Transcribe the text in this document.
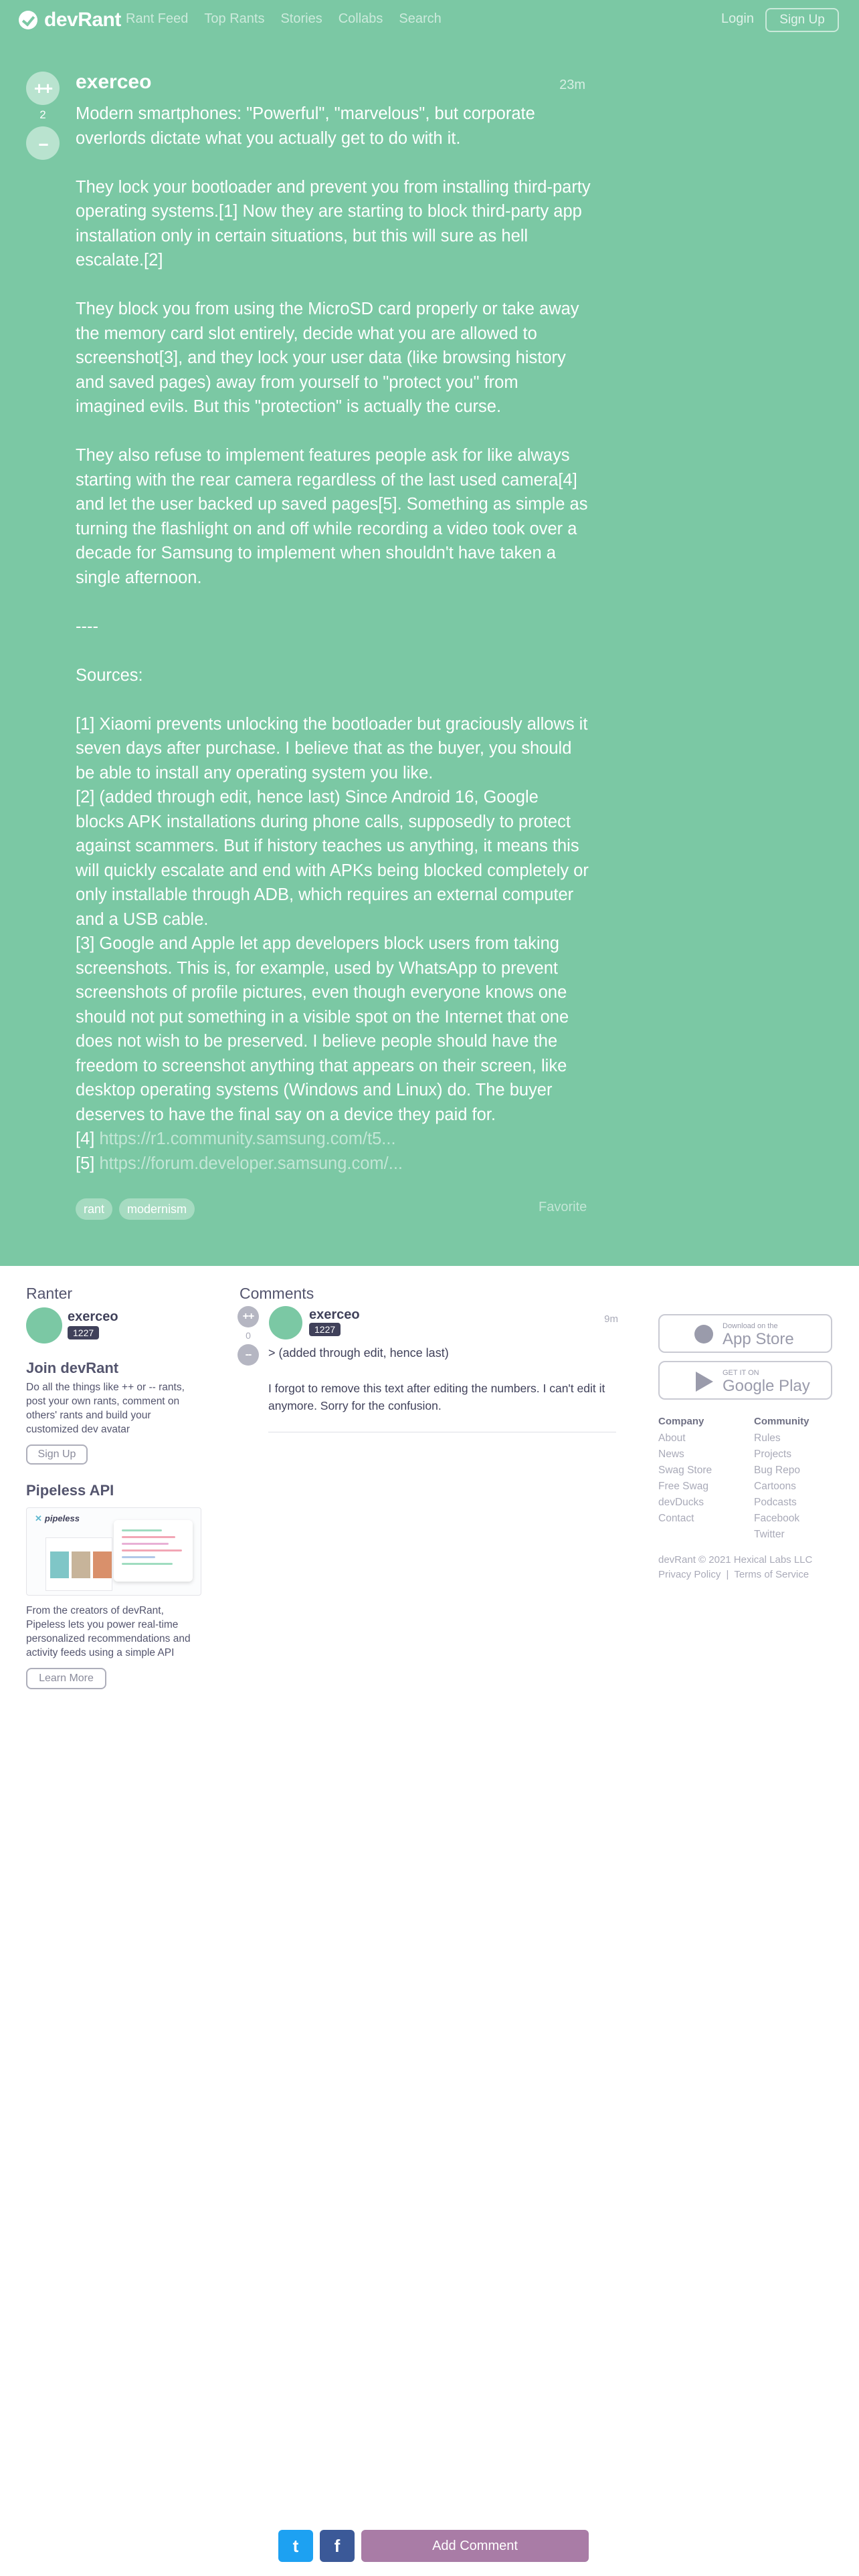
devRant Rant Feed Top Rants Stories Collabs Search	Login	Sign Up
++
2
--
exerceo	23m

Modern smartphones: "Powerful", "marvelous", but corporate overlords dictate what you actually get to do with it.

They lock your bootloader and prevent you from installing third-party operating systems.[1] Now they are starting to block third-party app installation only in certain situations, but this will sure as hell escalate.[2]

They block you from using the MicroSD card properly or take away the memory card slot entirely, decide what you are allowed to screenshot[3], and they lock your user data (like browsing history and saved pages) away from yourself to "protect you" from imagined evils. But this "protection" is actually the curse.

They also refuse to implement features people ask for like always starting with the rear camera regardless of the last used camera[4] and let the user backed up saved pages[5]. Something as simple as turning the flashlight on and off while recording a video took over a decade for Samsung to implement when shouldn't have taken a single afternoon.

----

Sources:

[1] Xiaomi prevents unlocking the bootloader but graciously allows it seven days after purchase. I believe that as the buyer, you should be able to install any operating system you like.

[2] (added through edit, hence last) Since Android 16, Google blocks APK installations during phone calls, supposedly to protect against scammers. But if history teaches us anything, it means this will quickly escalate and end with APKs being blocked completely or only installable through ADB, which requires an external computer and a USB cable.

[3] Google and Apple let app developers block users from taking screenshots. This is, for example, used by WhatsApp to prevent screenshots of profile pictures, even though everyone knows one should not put something in a visible spot on the Internet that one does not wish to be preserved. I believe people should have the freedom to screenshot anything that appears on their screen, like desktop operating systems (Windows and Linux) do. The buyer deserves to have the final say on a device they paid for.

[4] https://r1.community.samsung.com/t5...

[5] https://forum.developer.samsung.com/...

rant	modernism	Favorite
Ranter
exerceo
1227
Join devRant
Do all the things like ++ or -- rants, post your own rants, comment on others' rants and build your customized dev avatar
Sign Up
Pipeless API
✕ pipeless
From the creators of devRant, Pipeless lets you power real-time personalized recommendations and activity feeds using a simple API
Learn More
Comments
++
0
--
exerceo
1227
9m
> (added through edit, hence last)
I forgot to remove this text after editing the numbers. I can't edit it anymore. Sorry for the confusion.
Download on the
App Store
GET IT ON
Google Play
Company
About
News
Swag Store
Free Swag
devDucks
Contact
Community
Rules
Projects
Bug Repo
Cartoons
Podcasts
Facebook
Twitter
devRant © 2021 Hexical Labs LLC
Privacy Policy | Terms of Service
t	f	Add Comment
